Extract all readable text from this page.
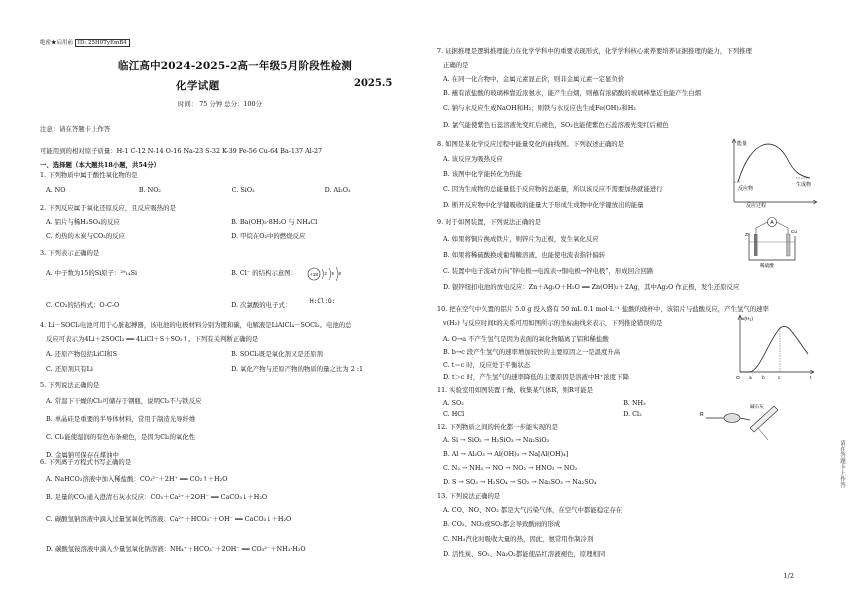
绝密★启用前 ID: 25H0TyEmB4
临江高中2024-2025-2高一年级5月阶段性检测
化学试题	2025.5
时间： 75 分钟 总分：100分
注意：请在答题卡上作答
可能用到的相对原子质量：H-1 C-12 N-14 O-16 Na-23 S-32 K-39 Fe-56 Cu-64 Ba-137 Al-27
一、选择题（本大题共18小题，共54分）
1. 下列物质中属于酸性氧化物的是
A. NO	B. NO₂	C. SiO₂	D. Al₂O₃
2. 下列反应属于氧化还原反应，且反应吸热的是
A. 铝片与稀H₂SO₄的反应	B. Ba(OH)₂·8H₂O 与 NH₄Cl
C. 灼热的木炭与CO₂的反应	D. 甲烷在O₂中的燃烧反应
3. 下列表示正确的是
A. 中子数为15的Si原子：²⁹₁₄Si	B. Cl⁻ 的结构示意图：
C. CO₂的结构式：O-C-O	D. 次氯酸的电子式：
4. Li－SOCl₂电池可用于心脏起搏器，该电池的电极材料分别为锂和碳，电解液是LiAlCl₄－SOCl₂。电池的总
反应可表示为4Li＋2SOCl₂ ══ 4LiCl＋S＋SO₂↑。下列有关判断正确的是
A. 还原产物包括LiCl和S	B. SOCl₂既是氧化剂又是还原剂
C. 还原剂只有Li	D. 氧化产物与还原产物的物质的量之比为 2 :1
5. 下列说法正确的是
A. 常温下干燥的Cl₂可储存于钢瓶，说明Cl₂不与铁反应
B. 单晶硅是重要的半导体材料，常用于制造光导纤维
C. Cl₂能使湿润的有色布条褪色，是因为Cl₂的氧化性
D. 金属钠可保存在煤油中
6. 下列离子方程式书写正确的是
A. NaHCO₃溶液中加入稀盐酸：CO₃²⁻＋2H⁺ ══ CO₂↑＋H₂O
B. 足量的CO₂通入澄清石灰水反应：CO₂＋Ca²⁺＋2OH⁻ ══ CaCO₃↓＋H₂O
C. 碳酸氢钠溶液中滴入过量氢氧化钙溶液：Ca²⁺＋HCO₃⁻＋OH⁻ ══ CaCO₃↓＋H₂O
D. 碳酸氢铵溶液中滴入少量氢氧化钠溶液：NH₄⁺＋HCO₃⁻＋2OH⁻ ══ CO₃²⁻＋NH₃·H₂O
7. 证据推理是逻辑推理能力在化学学科中的重要表现形式，化学学科核心素养要培养证据推理的能力，下列推理
正确的是
A. 在同一化合物中，金属元素显正价，则非金属元素一定显负价
B. 蘸有浓盐酸的玻璃棒靠近浓氨水，能产生白烟，则蘸有浓硝酸的玻璃棒靠近也能产生白烟
C. 钠与水反应生成NaOH和H₂；则铁与水反应也生成Fe(OH)₃和H₂
D. 氯气能使紫色石蕊溶液先变红后褪色，SO₂也能使紫色石蕊溶液先变红后褪色
8. 如图是某化学反应过程中能量变化的曲线图。下列叙述正确的是
A. 该反应为吸热反应
B. 该图中化学能转化为热能
C. 因为生成物的总能量低于反应物的总能量，所以该反应不需要加热就能进行
D. 断开反应物中化学键吸收的能量大于形成生成物中化学键放出的能量
9. 对于如图装置，下列说法正确的是
A. 如果将铜片换成铁片，则锌片为正极，发生氧化反应
B. 如果将稀硫酸换成葡萄糖溶液，也能使电流表指针偏转
C. 装置中电子流动方向“锌电极→电流表→铜电极→锌电极”，形成回合回路
D. 银锌纽扣电池的放电反应：Zn＋Ag₂O＋H₂O ══ Zn(OH)₂＋2Ag，其中Ag₂O 作正极，发生还原反应
10. 把在空气中久置的铝片 5.0 g 投入盛有 50 mL 0.1 mol·L⁻¹ 盐酸的烧杯中，该铝片与盐酸反应，产生氢气的速率
v(H₂) 与反应时间t的关系可用如图所示的坐标曲线来表示，下列推论错误的是
A. O→a 不产生氢气是因为表面的氧化物隔离了铝和稀盐酸
B. b→c 段产生氢气的速率增加较快的主要原因之一是温度升高
C. t＝c 时，反应处于平衡状态
D. t＞c 时，产生氢气的速率降低的主要原因是溶液中H⁺浓度下降
11. 实验室用如图装置干燥、收集某气体R，则R可能是
A. SO₂	B. NH₃
C. HCl	D. Cl₂
12. 下列物质之间的转化都一步能实现的是
A. Si → SiO₂ → H₂SiO₃ → Na₂SiO₃
B. Al → Al₂O₃ → Al(OH)₃ → Na[Al(OH)₄]
C. N₂ → NH₃ → NO → NO₂ → HNO₃ → NO₂
D. S → SO₃ → H₂SO₄ → SO₂ → Na₂SO₃ → Na₂SO₄
13. 下列说法正确的是
A. CO、NO、NO₂ 都是大气污染气体，在空气中都能稳定存在
B. CO₂、NO₂或SO₂都会导致酸雨的形成
C. NH₃汽化时吸收大量的热，因此，氨常用作制冷剂
D. 活性炭、SO₂、Na₂O₂都能使品红溶液褪色，原理相同
+18 2 8 8
H:Cl:O:
能量
反应物
生成物
反应过程
A
Zn
Cu
稀硫酸
v(H₂)
O a b	c	t
R
碱石灰
请在答题卡上作答
1/2
